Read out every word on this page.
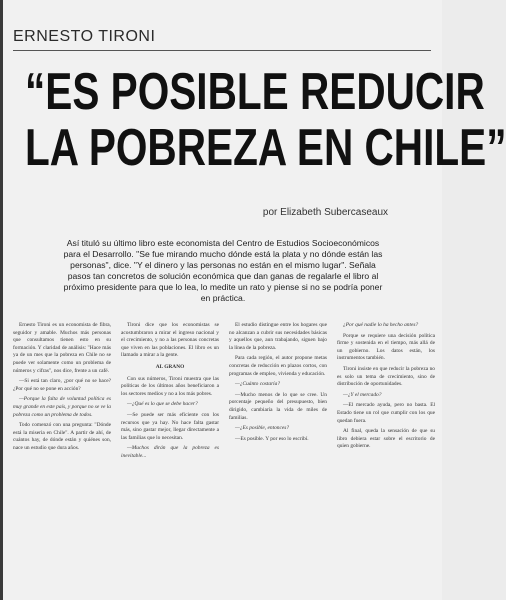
ERNESTO TIRONI
“ES POSIBLE REDUCIR
LA POBREZA EN CHILE”
por Elizabeth Subercaseaux
Así tituló su último libro este economista del Centro de Estudios Socioeconómicos para el Desarrollo. "Se fue mirando mucho dónde está la plata y no dónde están las personas", dice. "Y el dinero y las personas no están en el mismo lugar". Señala pasos tan concretos de solución económica que dan ganas de regalarle el libro al próximo presidente para que lo lea, lo medite un rato y piense si no se podría poner en práctica.

Ernesto Tironi es un economista de fibra, seguidor y amable. Muchos más personas que consultamos tienen esto en su formación. Y claridad de análisis: "Hace más ya de un mes que la pobreza en Chile no se puede ver solamente como un problema de números y cifras", nos dice, frente a un café.

—Si está tan claro, ¿por qué no se hace? ¿Por qué no se pone en acción?

—Porque la falta de voluntad política es muy grande en este país, y porque no se ve la pobreza como un problema de todos.

Todo comenzó con una pregunta: "Dónde está la miseria en Chile". A partir de ahí, de cuántos hay, de dónde están y quiénes son, nace un estudio que dura años.

Tironi dice que los economistas se acostumbraron a mirar el ingreso nacional y el crecimiento, y no a las personas concretas que viven en las poblaciones. El libro es un llamado a mirar a la gente.

AL GRANO

Con sus números, Tironi muestra que las políticas de los últimos años beneficiaron a los sectores medios y no a los más pobres.

—¿Qué es lo que se debe hacer?

—Se puede ser más eficiente con los recursos que ya hay. No hace falta gastar más, sino gastar mejor, llegar directamente a las familias que lo necesitan.

—Muchos dirán que la pobreza es inevitable...

El estudio distingue entre los hogares que no alcanzan a cubrir sus necesidades básicas y aquellos que, aun trabajando, siguen bajo la línea de la pobreza.

Para cada región, el autor propone metas concretas de reducción en plazos cortos, con programas de empleo, vivienda y educación.

—¿Cuánto costaría?

—Mucho menos de lo que se cree. Un porcentaje pequeño del presupuesto, bien dirigido, cambiaría la vida de miles de familias.

—¿Es posible, entonces?

—Es posible. Y por eso lo escribí.

¿Por qué nadie lo ha hecho antes?

Porque se requiere una decisión política firme y sostenida en el tiempo, más allá de un gobierno. Los datos están, los instrumentos también.

Tironi insiste en que reducir la pobreza no es solo un tema de crecimiento, sino de distribución de oportunidades.

—¿Y el mercado?

—El mercado ayuda, pero no basta. El Estado tiene un rol que cumplir con los que quedan fuera.

Al final, queda la sensación de que su libro debiera estar sobre el escritorio de quien gobierne.
